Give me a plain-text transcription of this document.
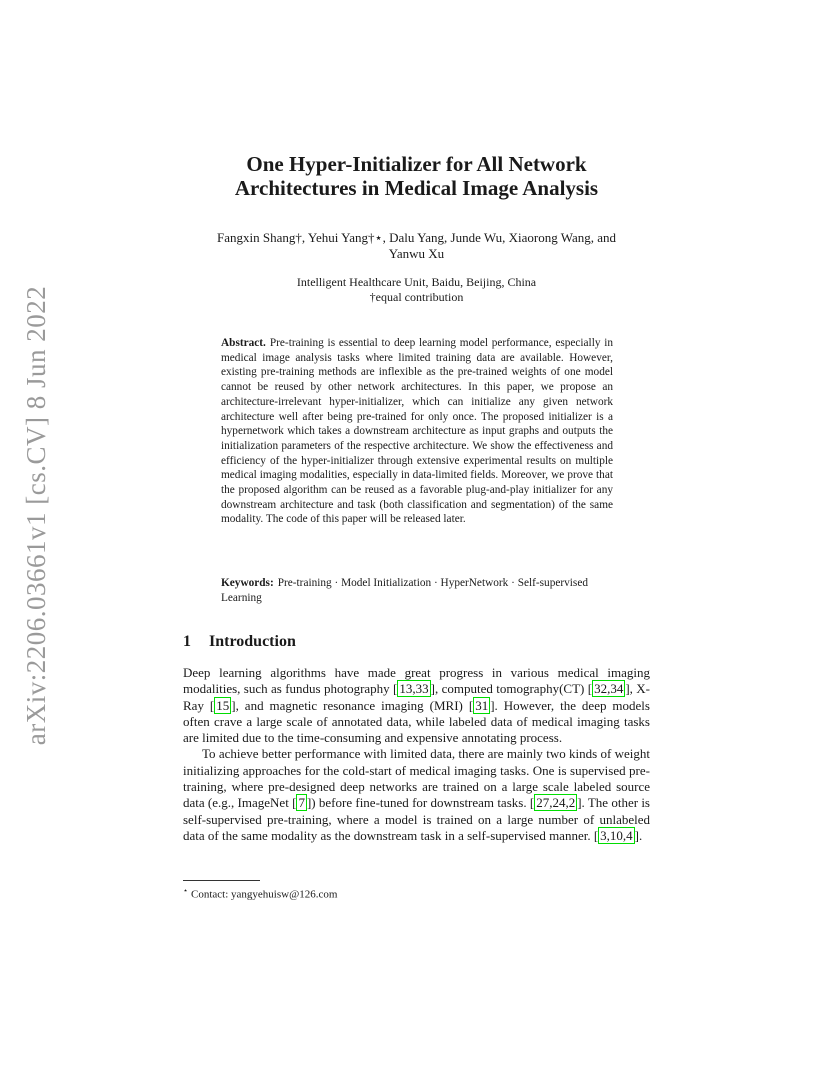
arXiv:2206.03661v1 [cs.CV] 8 Jun 2022
One Hyper-Initializer for All Network
Architectures in Medical Image Analysis
Fangxin Shang†, Yehui Yang†⋆, Dalu Yang, Junde Wu, Xiaorong Wang, and
Yanwu Xu
Intelligent Healthcare Unit, Baidu, Beijing, China
†equal contribution
Abstract. Pre-training is essential to deep learning model performance, especially in medical image analysis tasks where limited training data are available. However, existing pre-training methods are inflexible as the pre-trained weights of one model cannot be reused by other network architectures. In this paper, we propose an architecture-irrelevant hyper-initializer, which can initialize any given network architecture well after being pre-trained for only once. The proposed initializer is a hypernetwork which takes a downstream architecture as input graphs and outputs the initialization parameters of the respective architecture. We show the effectiveness and efficiency of the hyper-initializer through extensive experimental results on multiple medical imaging modalities, especially in data-limited fields. Moreover, we prove that the proposed algorithm can be reused as a favorable plug-and-play initializer for any downstream architecture and task (both classification and segmentation) of the same modality. The code of this paper will be released later.
Keywords: Pre-training · Model Initialization · HyperNetwork · Self-supervised Learning
1 Introduction

Deep learning algorithms have made great progress in various medical imaging modalities, such as fundus photography [ 13,33 ], computed tomography(CT) [ 32,34 ], X-Ray [ 15 ], and magnetic resonance imaging (MRI) [ 31 ]. However, the deep models often crave a large scale of annotated data, while labeled data of medical imaging tasks are limited due to the time-consuming and expensive annotating process.

To achieve better performance with limited data, there are mainly two kinds of weight initializing approaches for the cold-start of medical imaging tasks. One is supervised pre-training, where pre-designed deep networks are trained on a large scale labeled source data (e.g., ImageNet [ 7 ]) before fine-tuned for downstream tasks. [ 27,24,2 ]. The other is self-supervised pre-training, where a model is trained on a large number of unlabeled data of the same modality as the downstream task in a self-supervised manner. [ 3,10,4 ].

⋆ Contact: yangyehuisw@126.com
